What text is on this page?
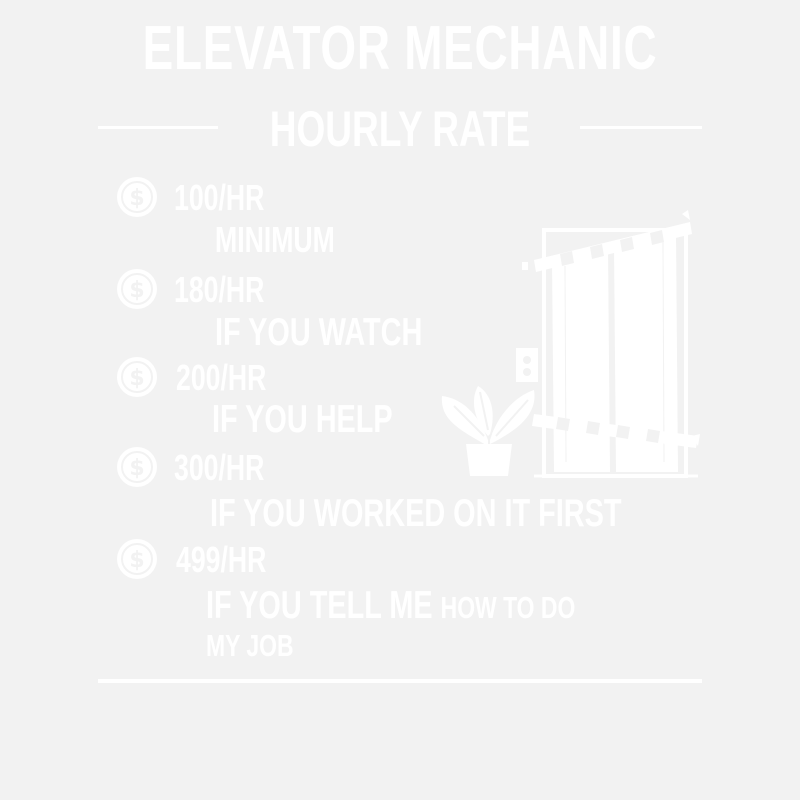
ELEVATOR MECHANIC
HOURLY RATE
$ 100/HR
MINIMUM
$ 180/HR
IF YOU WATCH
$ 200/HR
IF YOU HELP
$ 300/HR
IF YOU WORKED ON IT FIRST
$ 499/HR
IF YOU TELL ME HOW TO DO
MY JOB
